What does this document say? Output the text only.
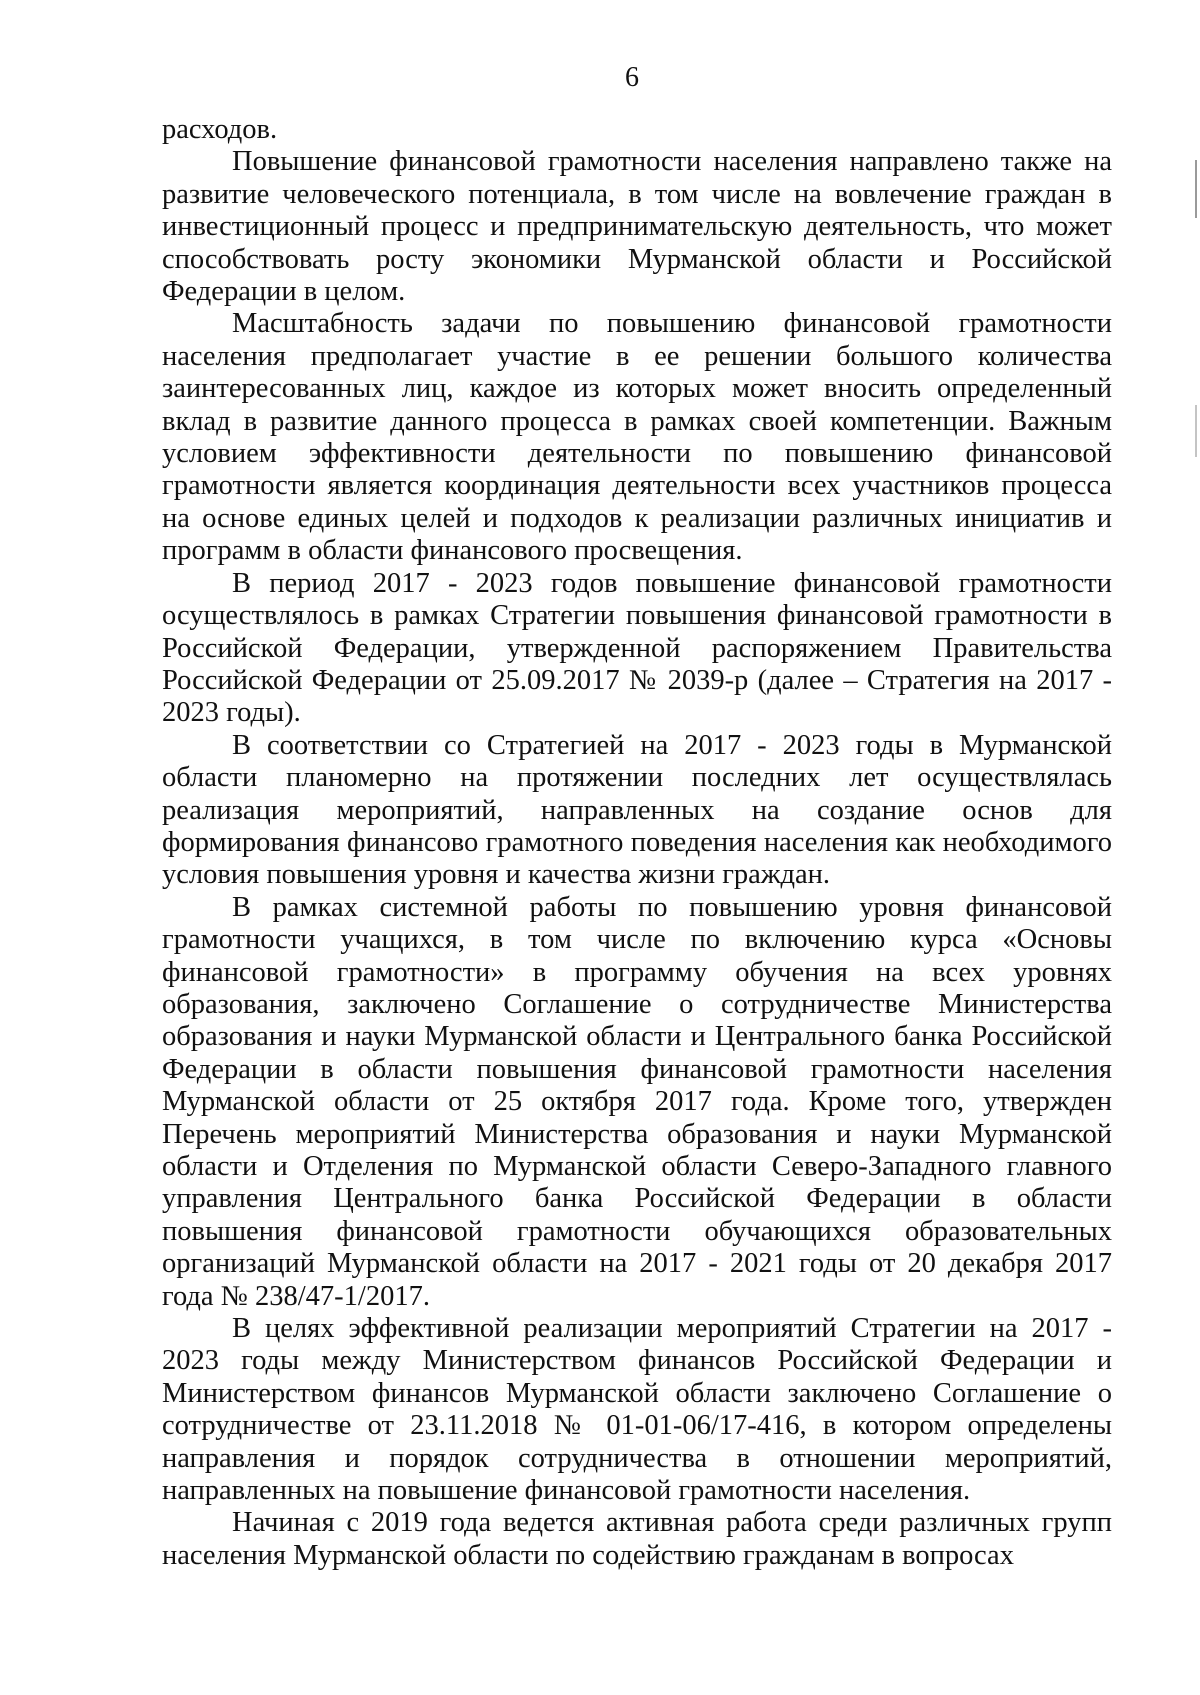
6

расходов.

Повышение финансовой грамотности населения направлено также на развитие человеческого потенциала, в том числе на вовлечение граждан в инвестиционный процесс и предпринимательскую деятельность, что может способствовать росту экономики Мурманской области и Российской Федерации в целом.

Масштабность задачи по повышению финансовой грамотности населения предполагает участие в ее решении большого количества заинтересованных лиц, каждое из которых может вносить определенный вклад в развитие данного процесса в рамках своей компетенции. Важным условием эффективности деятельности по повышению финансовой грамотности является координация деятельности всех участников процесса на основе единых целей и подходов к реализации различных инициатив и программ в области финансового просвещения.

В период 2017 - 2023 годов повышение финансовой грамотности осуществлялось в рамках Стратегии повышения финансовой грамотности в Российской Федерации, утвержденной распоряжением Правительства Российской Федерации от 25.09.2017 № 2039-р (далее – Стратегия на 2017 - 2023 годы).

В соответствии со Стратегией на 2017 - 2023 годы в Мурманской области планомерно на протяжении последних лет осуществлялась реализация мероприятий, направленных на создание основ для формирования финансово грамотного поведения населения как необходимого условия повышения уровня и качества жизни граждан.

В рамках системной работы по повышению уровня финансовой грамотности учащихся, в том числе по включению курса «Основы финансовой грамотности» в программу обучения на всех уровнях образования, заключено Соглашение о сотрудничестве Министерства образования и науки Мурманской области и Центрального банка Российской Федерации в области повышения финансовой грамотности населения Мурманской области от 25 октября 2017 года. Кроме того, утвержден Перечень мероприятий Министерства образования и науки Мурманской области и Отделения по Мурманской области Северо-Западного главного управления Центрального банка Российской Федерации в области повышения финансовой грамотности обучающихся образовательных организаций Мурманской области на 2017 - 2021 годы от 20 декабря 2017 года № 238/47-1/2017.

В целях эффективной реализации мероприятий Стратегии на 2017 - 2023 годы между Министерством финансов Российской Федерации и Министерством финансов Мурманской области заключено Соглашение о сотрудничестве от 23.11.2018 № 01-01-06/17-416, в котором определены направления и порядок сотрудничества в отношении мероприятий, направленных на повышение финансовой грамотности населения.

Начиная с 2019 года ведется активная работа среди различных групп населения Мурманской области по содействию гражданам в вопросах
